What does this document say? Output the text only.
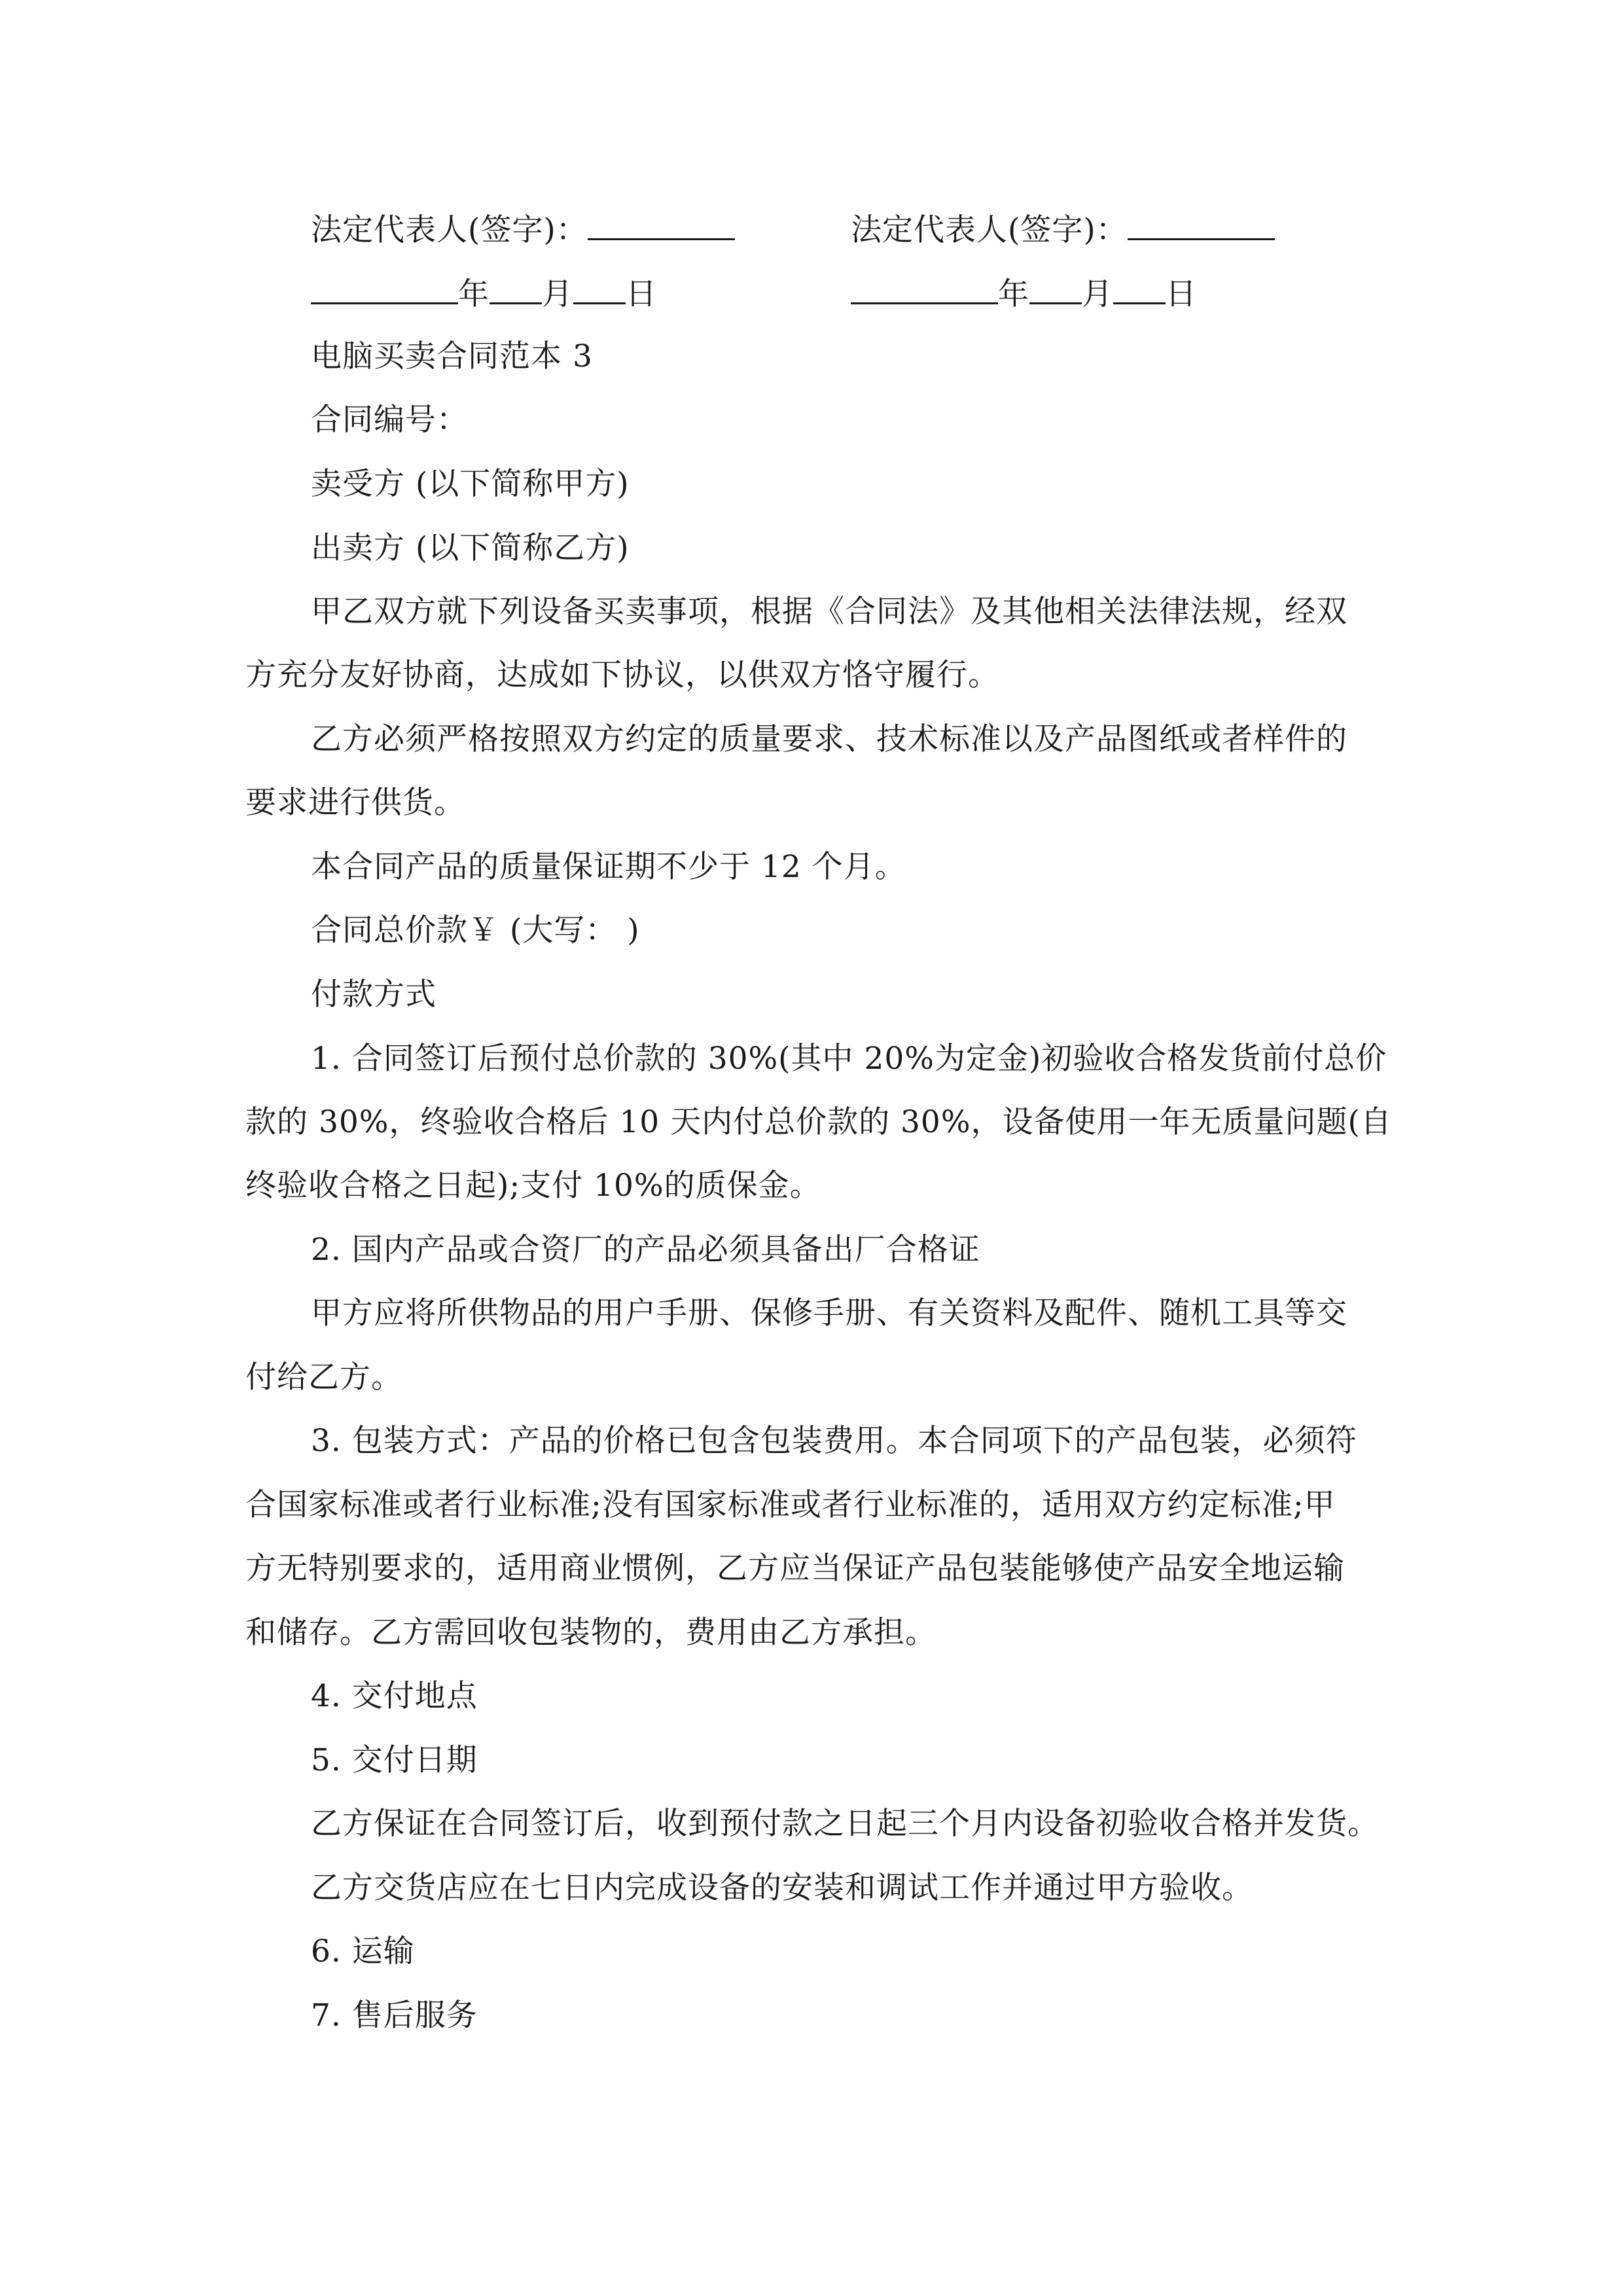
法定代表人(签字)：	法定代表人(签字)：
年 月 日	年 月 日
电脑买卖合同范本 3
合同编号：
卖受方 (以下简称甲方)
出卖方 (以下简称乙方)
甲乙双方就下列设备买卖事项，根据《合同法》及其他相关法律法规，经双
方充分友好协商，达成如下协议，以供双方恪守履行。
乙方必须严格按照双方约定的质量要求、技术标准以及产品图纸或者样件的
要求进行供货。
本合同产品的质量保证期不少于 12 个月。
合同总价款￥ (大写： )
付款方式
1. 合同签订后预付总价款的 30%(其中 20%为定金)初验收合格发货前付总价
款的 30%，终验收合格后 10 天内付总价款的 30%，设备使用一年无质量问题(自
终验收合格之日起);支付 10%的质保金。
2. 国内产品或合资厂的产品必须具备出厂合格证
甲方应将所供物品的用户手册、保修手册、有关资料及配件、随机工具等交
付给乙方。
3. 包装方式：产品的价格已包含包装费用。本合同项下的产品包装，必须符
合国家标准或者行业标准;没有国家标准或者行业标准的，适用双方约定标准;甲
方无特别要求的，适用商业惯例，乙方应当保证产品包装能够使产品安全地运输
和储存。乙方需回收包装物的，费用由乙方承担。
4. 交付地点
5. 交付日期
乙方保证在合同签订后，收到预付款之日起三个月内设备初验收合格并发货。
乙方交货店应在七日内完成设备的安装和调试工作并通过甲方验收。
6. 运输
7. 售后服务
